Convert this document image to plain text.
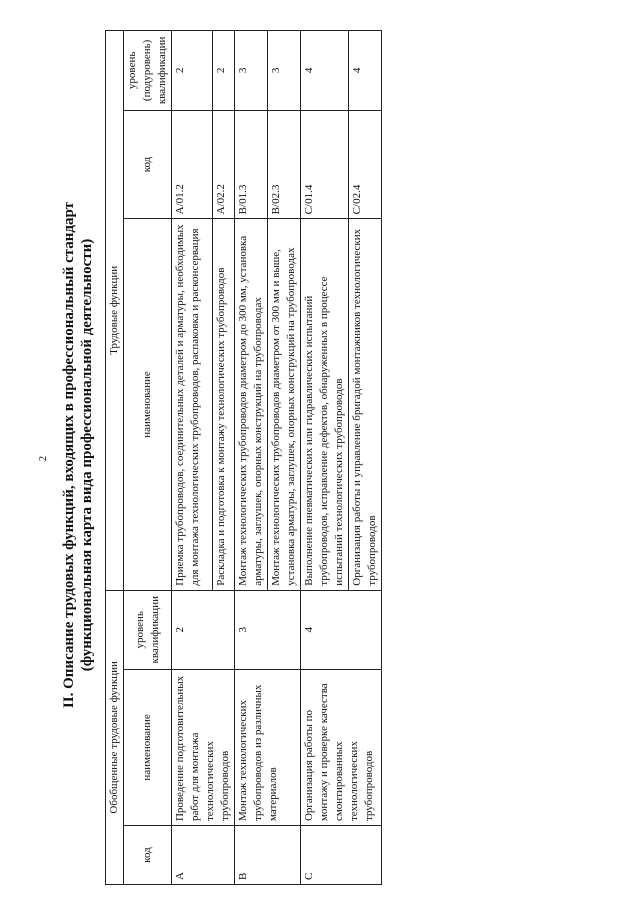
2 II. Описание трудовых функций, входящих в профессиональный стандарт (функциональная карта вида профессиональной деятельности)
Обобщенные трудовые функции			Трудовые функции		
код	наименование	уровень квалификации	наименование	код	уровень (подуровень) квалификации
A	Проведение подготовительных работ для монтажа технологических трубопроводов	2	Приемка трубопроводов, соединительных деталей и арматуры, необходимых для монтажа технологических трубопроводов, распаковка и расконсервация	A/01.2	2
			Раскладка и подготовка к монтажу технологических трубопроводов	A/02.2	2
B	Монтаж технологических трубопроводов из различных материалов	3	Монтаж технологических трубопроводов диаметром до 300 мм, установка арматуры, заглушек, опорных конструкций на трубопроводах	B/01.3	3
			Монтаж технологических трубопроводов диаметром от 300 мм и выше, установка арматуры, заглушек, опорных конструкций на трубопроводах	B/02.3	3
C	Организация работы по монтажу и проверке качества смонтированных технологических трубопроводов	4	Выполнение пневматических или гидравлических испытаний трубопроводов, исправление дефектов, обнаруженных в процессе испытаний технологических трубопроводов	C/01.4	4
			Организация работы и управление бригадой монтажников технологических трубопроводов	C/02.4	4
